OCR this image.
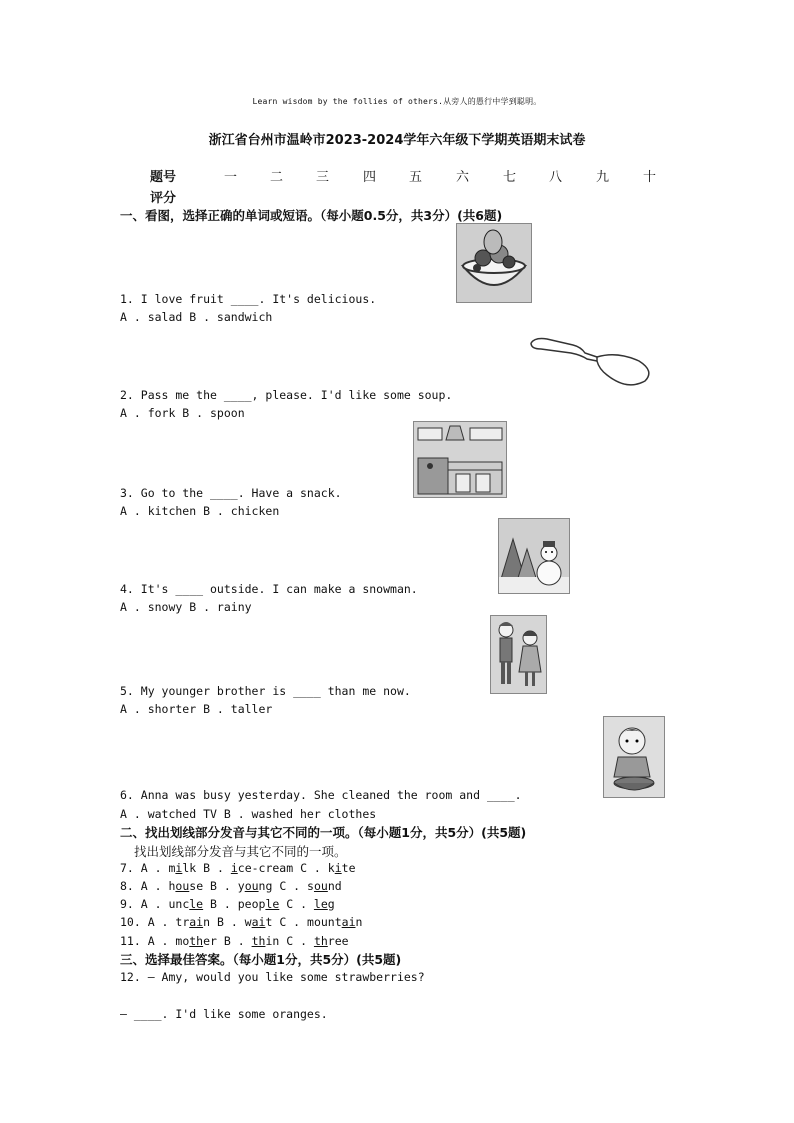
Learn wisdom by the follies of others.从旁人的愚行中学到聪明。
浙江省台州市温岭市2023-2024学年六年级下学期英语期末试卷
题号	一	二	三	四	五	六	七	八	九	十
评分
一、看图，选择正确的单词或短语。（每小题0.5分，共3分）(共6题)
1. I love fruit ____. It's delicious.
A . salad B . sandwich
2. Pass me the ____, please. I'd like some soup.
A . fork B . spoon
3. Go to the ____. Have a snack.
A . kitchen B . chicken
4. It's ____ outside. I can make a snowman.
A . snowy B . rainy
5. My younger brother is ____ than me now.
A . shorter B . taller
6. Anna was busy yesterday. She cleaned the room and ____.
A . watched TV B . washed her clothes
二、找出划线部分发音与其它不同的一项。（每小题1分，共5分）(共5题)
找出划线部分发音与其它不同的一项。
7. A . milk B . ice-cream C . kite
8. A . house B . young C . sound
9. A . uncle B . people C . leg
10. A . train B . wait C . mountain
11. A . mother B . thin C . three
三、选择最佳答案。（每小题1分，共5分）(共5题)
12. — Amy, would you like some strawberries?
— ____. I'd like some oranges.
